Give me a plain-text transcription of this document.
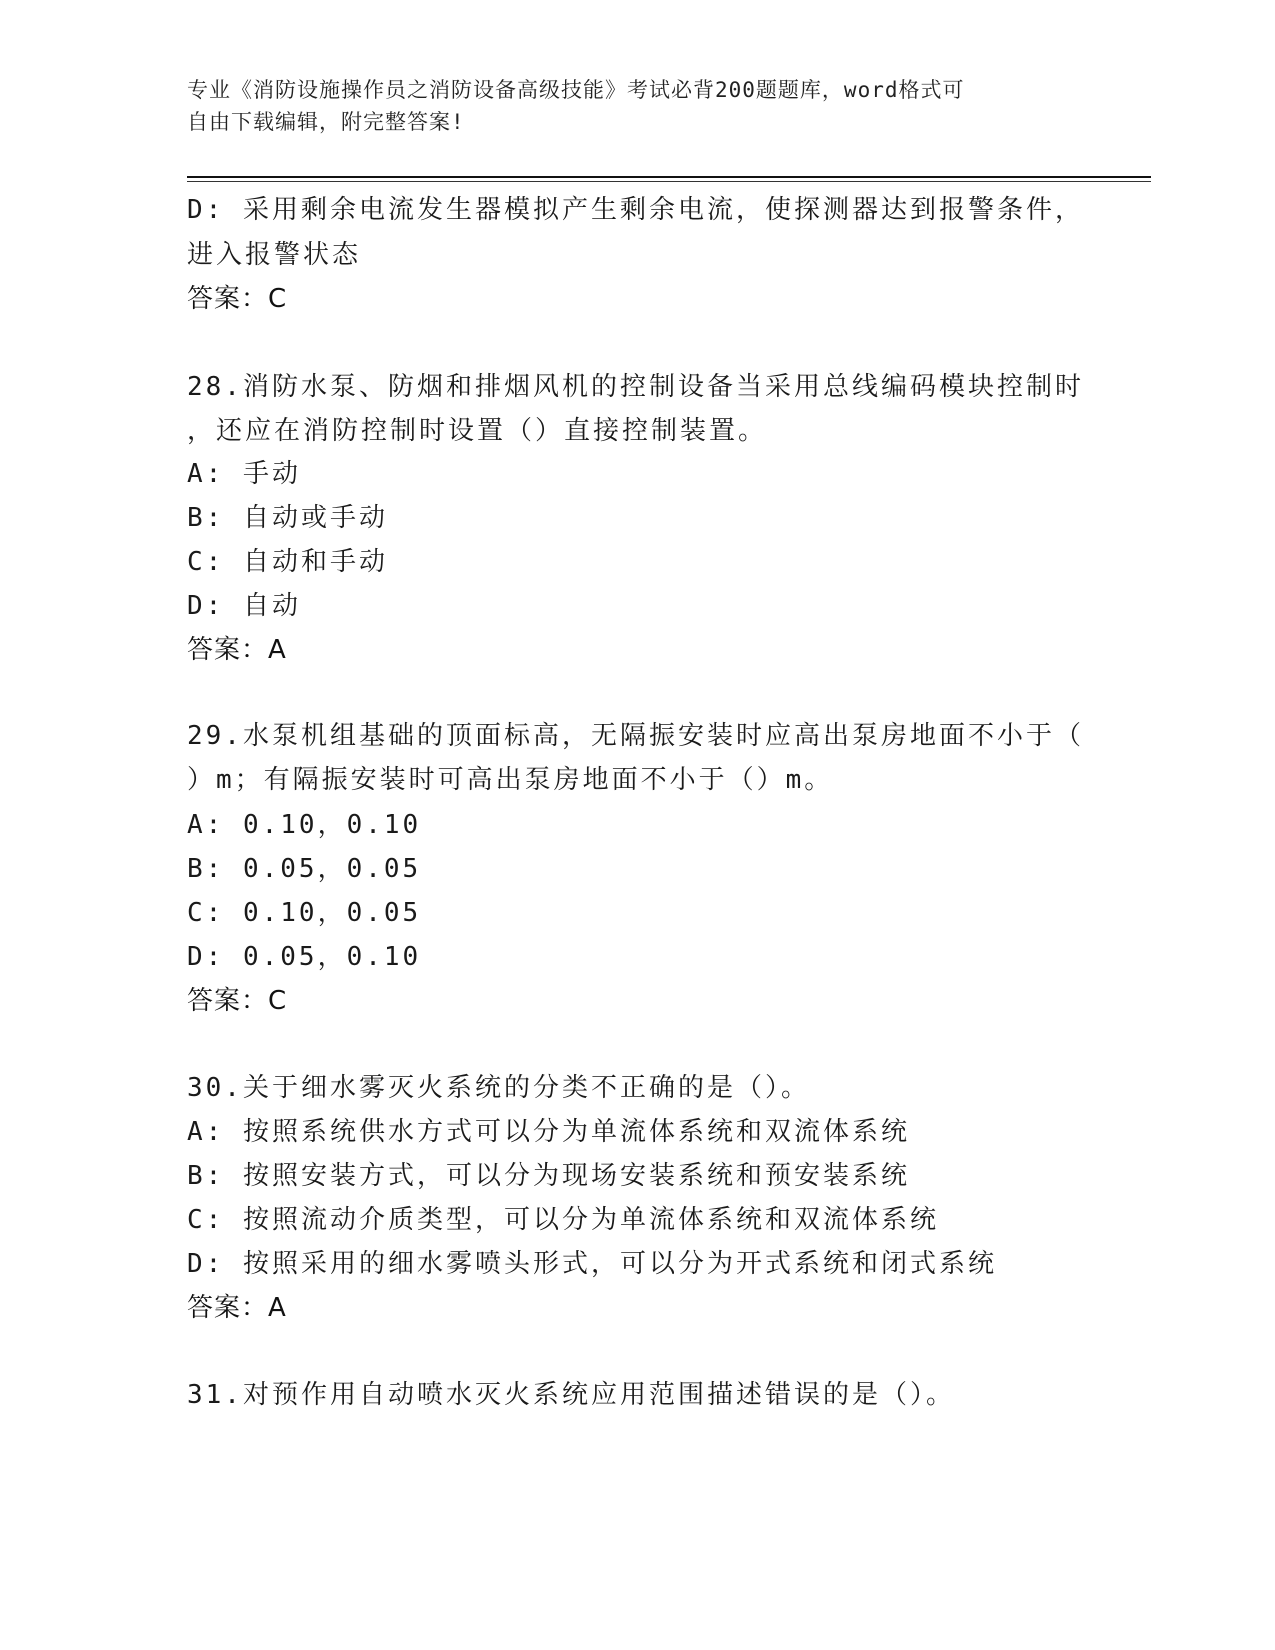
专业《消防设施操作员之消防设备高级技能》考试必背200题题库，word格式可
自由下载编辑，附完整答案!
D: 采用剩余电流发生器模拟产生剩余电流，使探测器达到报警条件，
进入报警状态
答案：C
28.消防水泵、防烟和排烟风机的控制设备当采用总线编码模块控制时
，还应在消防控制时设置（）直接控制装置。
A: 手动
B: 自动或手动
C: 自动和手动
D: 自动
答案：A
29.水泵机组基础的顶面标高，无隔振安装时应高出泵房地面不小于（
）m；有隔振安装时可高出泵房地面不小于（）m。
A: 0.10，0.10
B: 0.05，0.05
C: 0.10，0.05
D: 0.05，0.10
答案：C
30.关于细水雾灭火系统的分类不正确的是（）。
A: 按照系统供水方式可以分为单流体系统和双流体系统
B: 按照安装方式，可以分为现场安装系统和预安装系统
C: 按照流动介质类型，可以分为单流体系统和双流体系统
D: 按照采用的细水雾喷头形式，可以分为开式系统和闭式系统
答案：A
31.对预作用自动喷水灭火系统应用范围描述错误的是（）。
